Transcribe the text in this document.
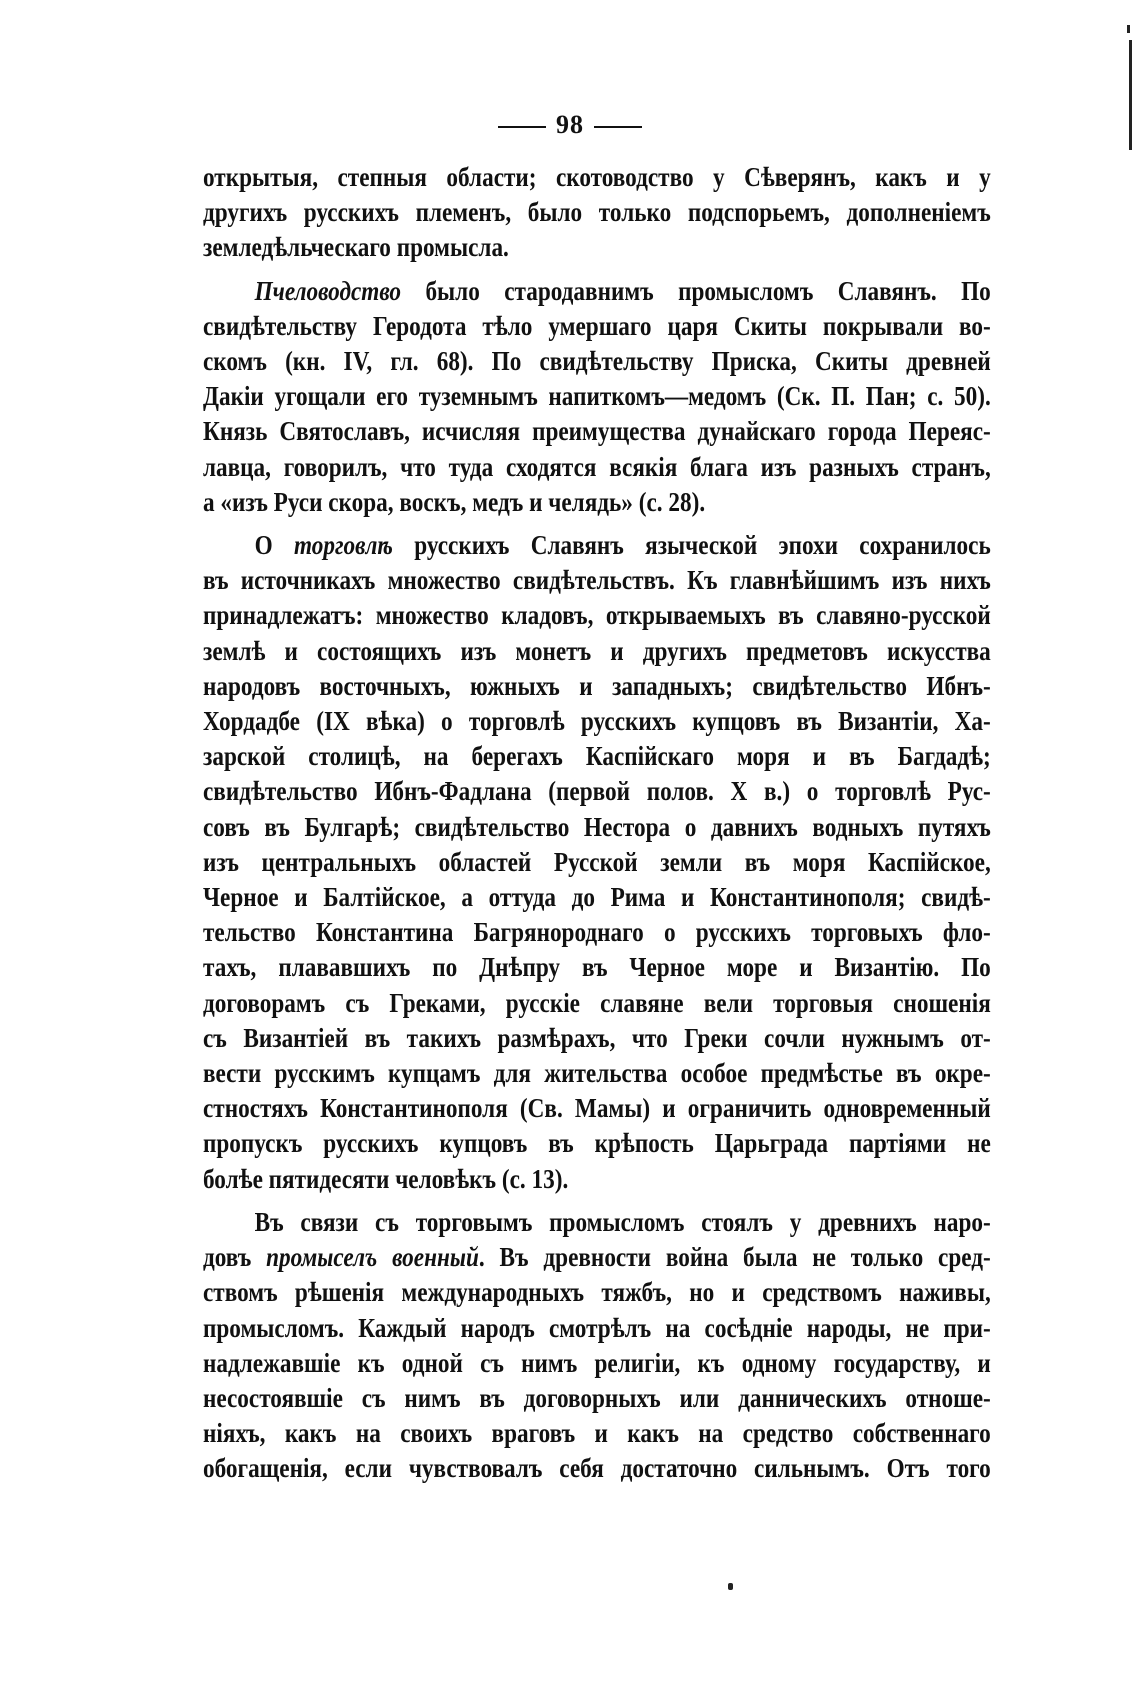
98
открытыя, степныя области; скотоводство у Сѣверянъ, какъ и у
другихъ русскихъ племенъ, было только подспорьемъ, дополненіемъ
земледѣльческаго промысла.
Пчеловодство было стародавнимъ промысломъ Славянъ. По
свидѣтельству Геродота тѣло умершаго царя Скиты покрывали во-
скомъ (кн. IV, гл. 68). По свидѣтельству Приска, Скиты древней
Дакіи угощали его туземнымъ напиткомъ—медомъ (Ск. П. Пан; с. 50).
Князь Святославъ, исчисляя преимущества дунайскаго города Переяс-
лавца, говорилъ, что туда сходятся всякія блага изъ разныхъ странъ,
а «изъ Руси скора, воскъ, медъ и челядь» (с. 28).
О торговлѣ русскихъ Славянъ языческой эпохи сохранилось
въ источникахъ множество свидѣтельствъ. Къ главнѣйшимъ изъ нихъ
принадлежатъ: множество кладовъ, открываемыхъ въ славяно-русской
землѣ и состоящихъ изъ монетъ и другихъ предметовъ искусства
народовъ восточныхъ, южныхъ и западныхъ; свидѣтельство Ибнъ-
Хордадбе (IX вѣка) о торговлѣ русскихъ купцовъ въ Византіи, Ха-
зарской столицѣ, на берегахъ Каспійскаго моря и въ Багдадѣ;
свидѣтельство Ибнъ-Фадлана (первой полов. X в.) о торговлѣ Рус-
совъ въ Булгарѣ; свидѣтельство Нестора о давнихъ водныхъ путяхъ
изъ центральныхъ областей Русской земли въ моря Каспійское,
Черное и Балтійское, а оттуда до Рима и Константинополя; свидѣ-
тельство Константина Багрянороднаго о русскихъ торговыхъ фло-
тахъ, плававшихъ по Днѣпру въ Черное море и Византію. По
договорамъ съ Греками, русскіе славяне вели торговыя сношенія
съ Византіей въ такихъ размѣрахъ, что Греки сочли нужнымъ от-
вести русскимъ купцамъ для жительства особое предмѣстье въ окре-
стностяхъ Константинополя (Св. Мамы) и ограничить одновременный
пропускъ русскихъ купцовъ въ крѣпость Царьграда партіями не
болѣе пятидесяти человѣкъ (с. 13).
Въ связи съ торговымъ промысломъ стоялъ у древнихъ наро-
довъ промыселъ военный. Въ древности война была не только сред-
ствомъ рѣшенія международныхъ тяжбъ, но и средствомъ наживы,
промысломъ. Каждый народъ смотрѣлъ на сосѣдніе народы, не при-
надлежавшіе къ одной съ нимъ религіи, къ одному государству, и
несостоявшіе съ нимъ въ договорныхъ или данническихъ отноше-
ніяхъ, какъ на своихъ враговъ и какъ на средство собственнаго
обогащенія, если чувствовалъ себя достаточно сильнымъ. Отъ того
